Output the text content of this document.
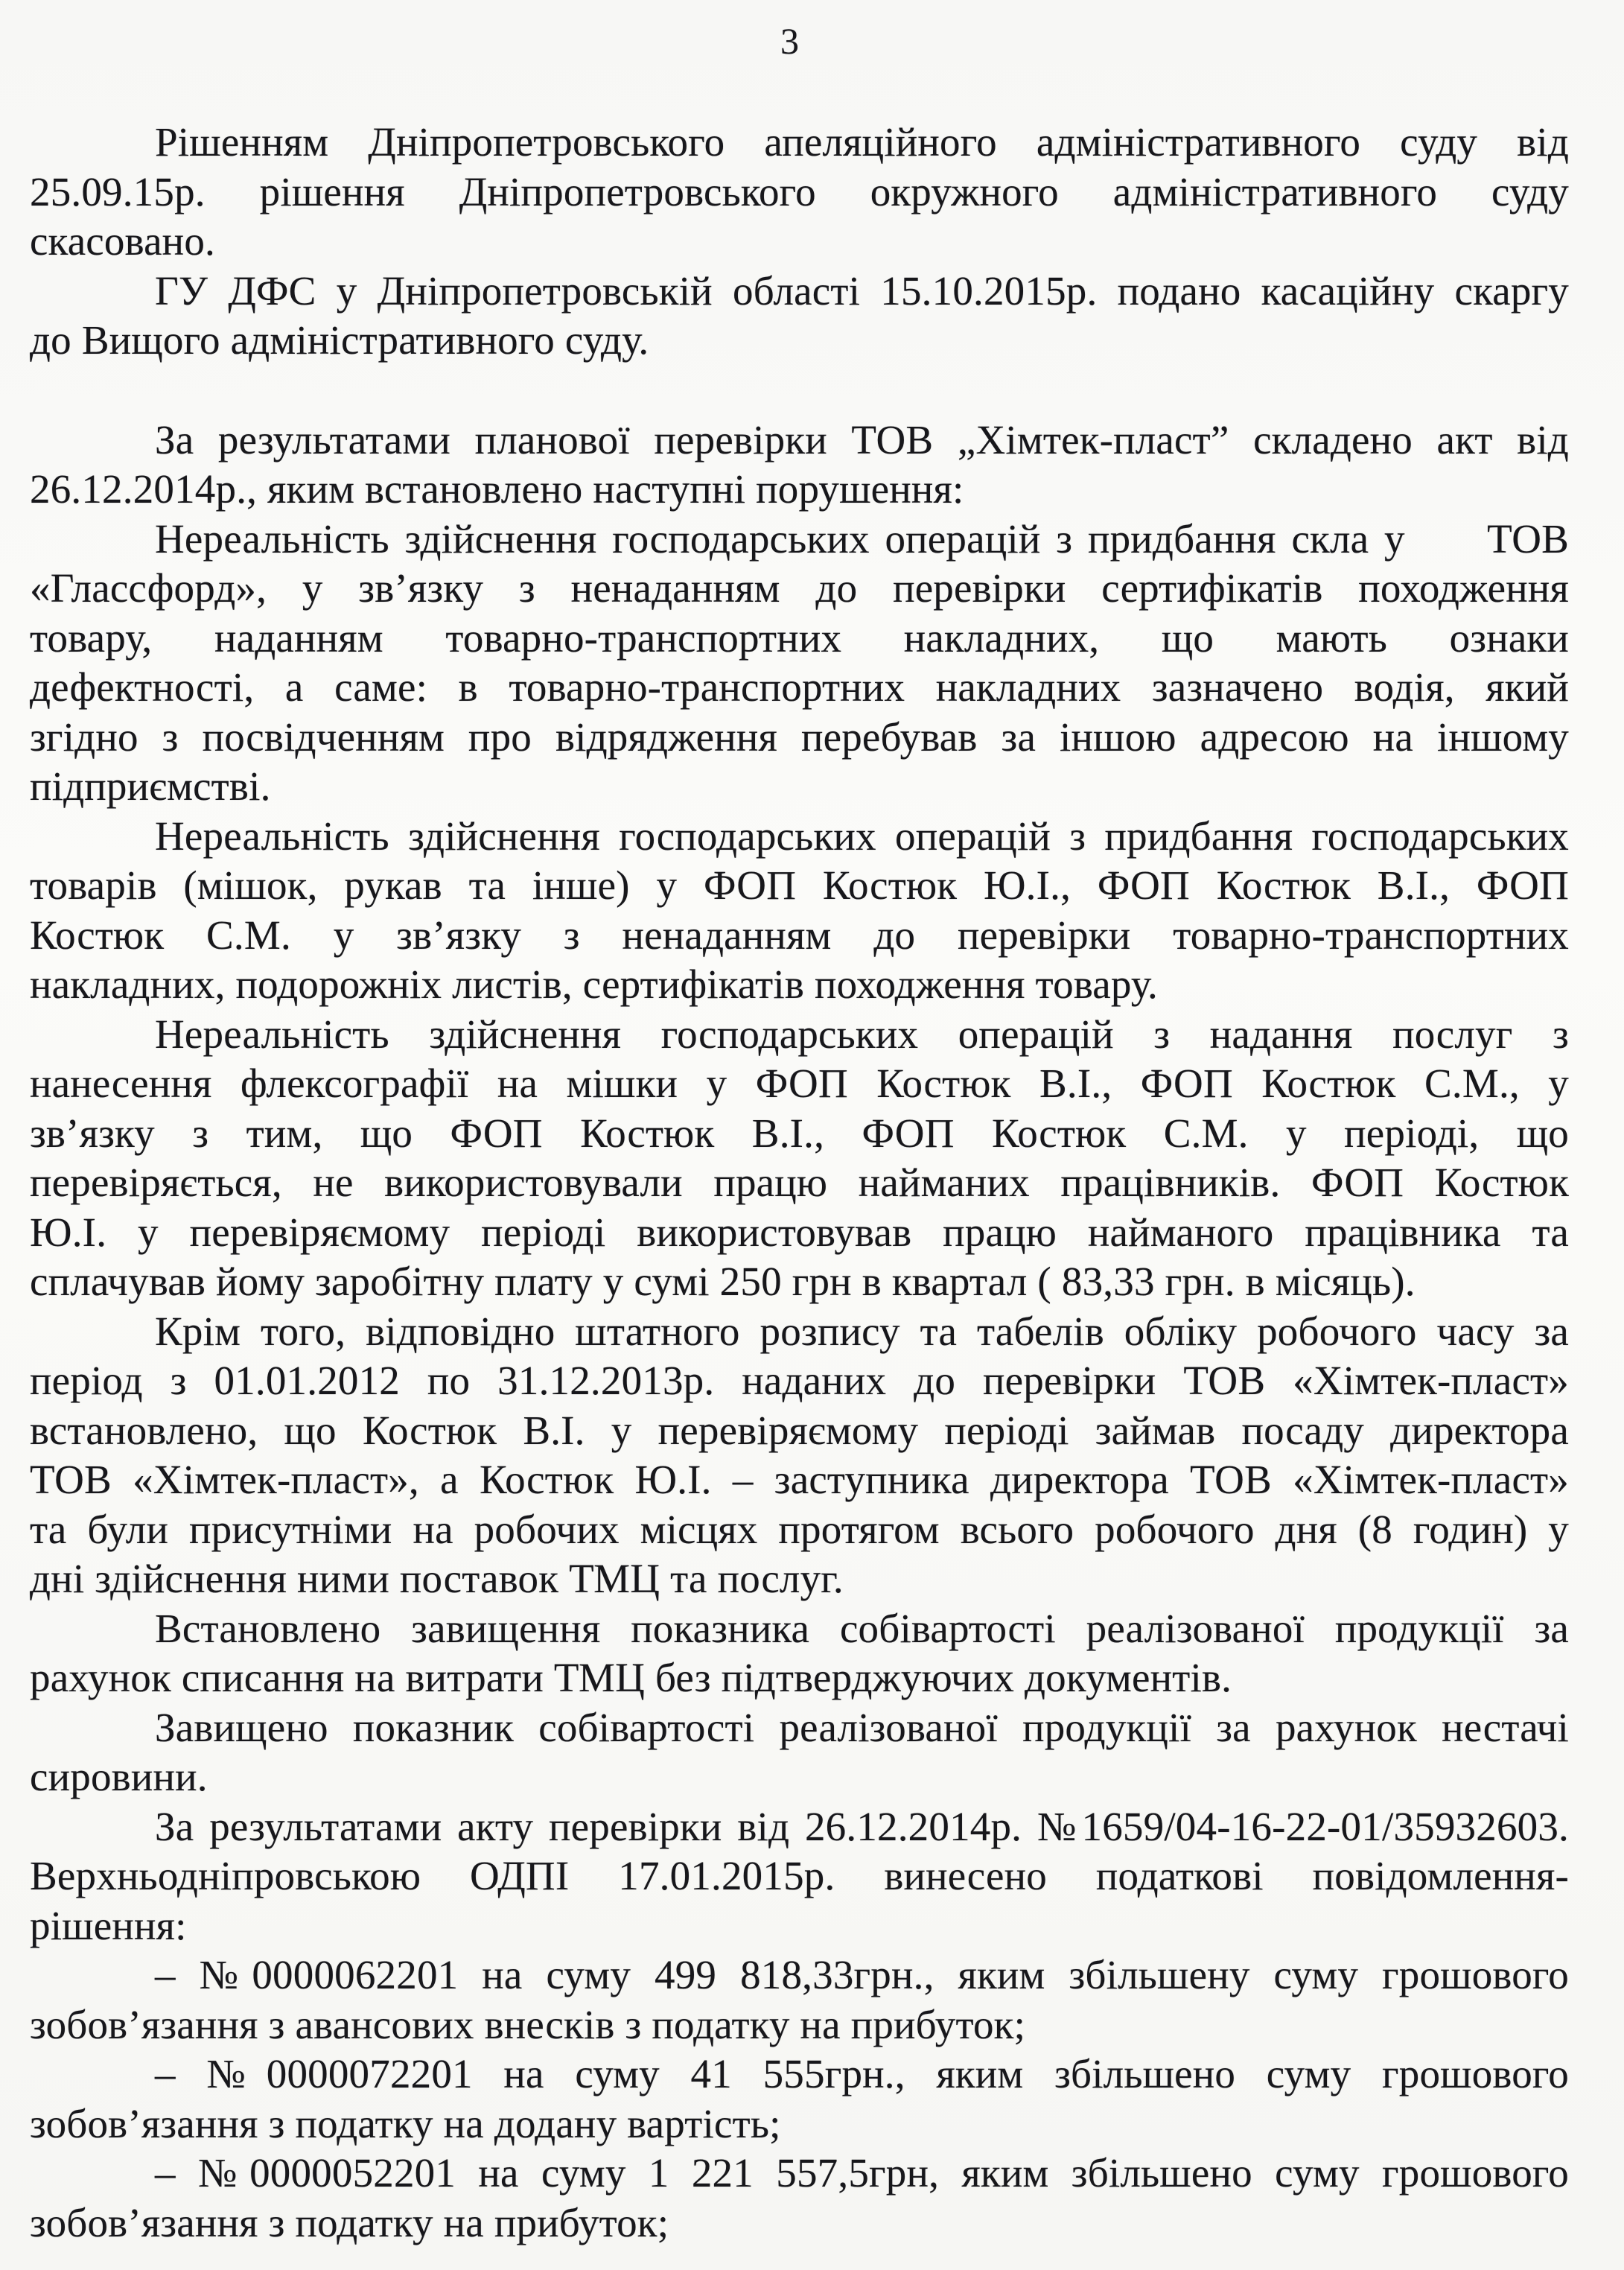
3
Рішенням Дніпропетровського апеляційного адміністративного суду від
25.09.15р. рішення Дніпропетровського окружного адміністративного суду
скасовано.
ГУ ДФС у Дніпропетровській області 15.10.2015р. подано касаційну скаргу
до Вищого адміністративного суду.
За результатами планової перевірки ТОВ „Хімтек-пласт” складено акт від
26.12.2014р., яким встановлено наступні порушення:
Нереальність здійснення господарських операцій з придбання скла у  ТОВ
«Глассфорд», у зв’язку з ненаданням до перевірки сертифікатів походження
товару, наданням товарно-транспортних накладних, що мають ознаки
дефектності, а саме: в товарно-транспортних накладних зазначено водія, який
згідно з посвідченням про відрядження перебував за іншою адресою на іншому
підприємстві.
Нереальність здійснення господарських операцій з придбання господарських
товарів (мішок, рукав та інше) у ФОП Костюк Ю.І., ФОП Костюк В.І., ФОП
Костюк С.М. у зв’язку з ненаданням до перевірки товарно-транспортних
накладних, подорожніх листів, сертифікатів походження товару.
Нереальність здійснення господарських операцій з надання послуг з
нанесення флексографії на мішки у ФОП Костюк В.І., ФОП Костюк С.М., у
зв’язку з тим, що ФОП Костюк В.І., ФОП Костюк С.М. у періоді, що
перевіряється, не використовували працю найманих працівників. ФОП Костюк
Ю.І. у перевіряємому періоді використовував працю найманого працівника та
сплачував йому заробітну плату у сумі 250 грн в квартал ( 83,33 грн. в місяць).
Крім того, відповідно штатного розпису та табелів обліку робочого часу за
період з 01.01.2012 по 31.12.2013р. наданих до перевірки ТОВ «Хімтек-пласт»
встановлено, що Костюк В.І. у перевіряємому періоді займав посаду директора
ТОВ «Хімтек-пласт», а Костюк Ю.І. – заступника директора ТОВ «Хімтек-пласт»
та були присутніми на робочих місцях протягом всього робочого дня (8 годин) у
дні здійснення ними поставок ТМЦ та послуг.
Встановлено завищення показника собівартості реалізованої продукції за
рахунок списання на витрати ТМЦ без підтверджуючих документів.
Завищено показник собівартості реалізованої продукції за рахунок нестачі
сировини.
За результатами акту перевірки від 26.12.2014р. №1659/04-16-22-01/35932603.
Верхньодніпровською ОДПІ 17.01.2015р. винесено податкові повідомлення-
рішення:
– №0000062201 на суму 499 818,33грн., яким збільшену суму грошового
зобов’язання з авансових внесків з податку на прибуток;
– №0000072201 на суму 41 555грн., яким збільшено суму грошового
зобов’язання з податку на додану вартість;
– №0000052201 на суму 1 221 557,5грн, яким збільшено суму грошового
зобов’язання з податку на прибуток;
